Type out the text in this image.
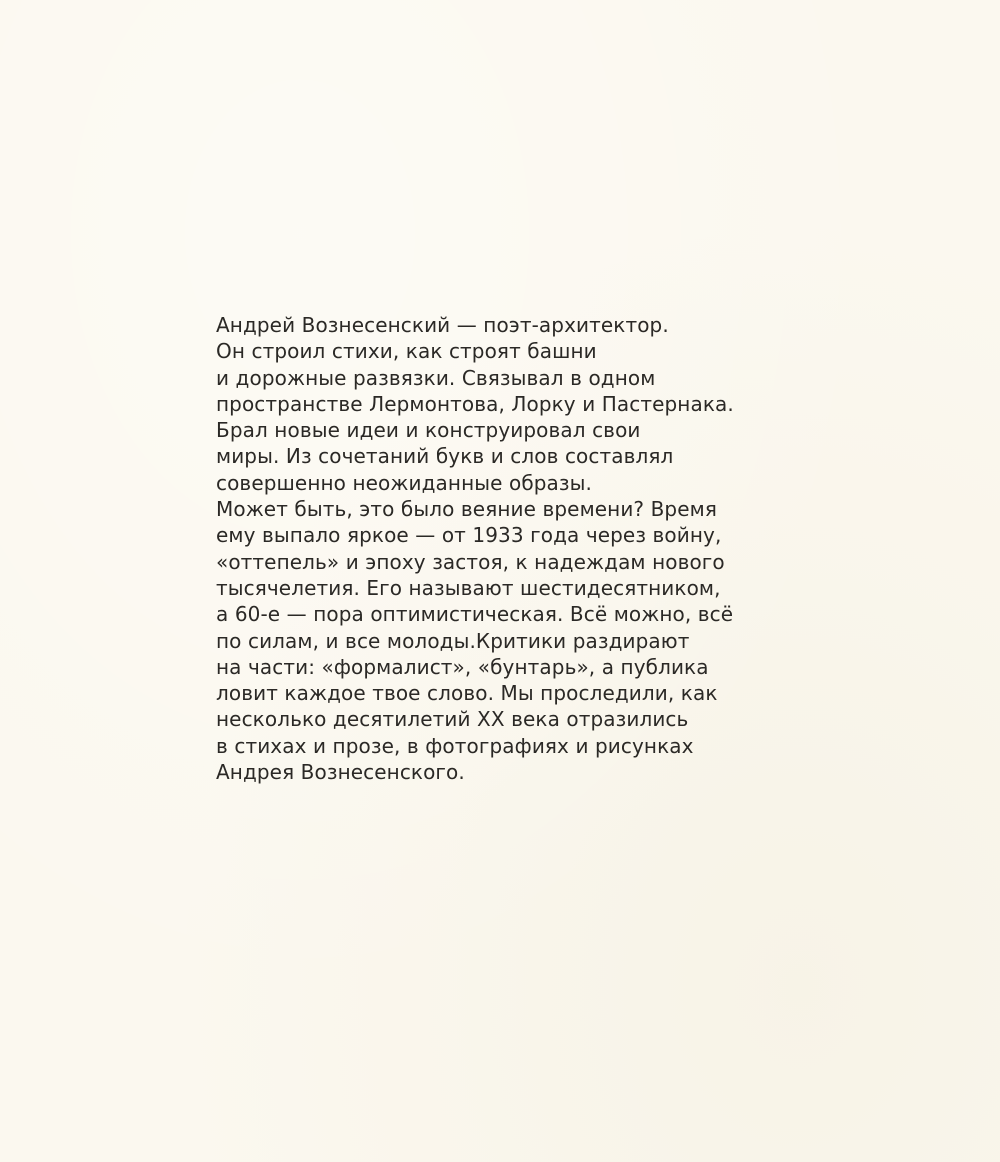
Андрей Вознесенский — поэт-архитектор.
Он строил стихи, как строят башни
и дорожные развязки. Связывал в одном
пространстве Лермонтова, Лорку и Пастернака.
Брал новые идеи и конструировал свои
миры. Из сочетаний букв и слов составлял
совершенно неожиданные образы.
Может быть, это было веяние времени? Время
ему выпало яркое — от 1933 года через войну,
«оттепель» и эпоху застоя, к надеждам нового
тысячелетия. Его называют шестидесятником,
а 60-е — пора оптимистическая. Всё можно, всё
по силам, и все молоды.Критики раздирают
на части: «формалист», «бунтарь», а публика
ловит каждое твое слово. Мы проследили, как
несколько десятилетий XX века отразились
в стихах и прозе, в фотографиях и рисунках
Андрея Вознесенского.
